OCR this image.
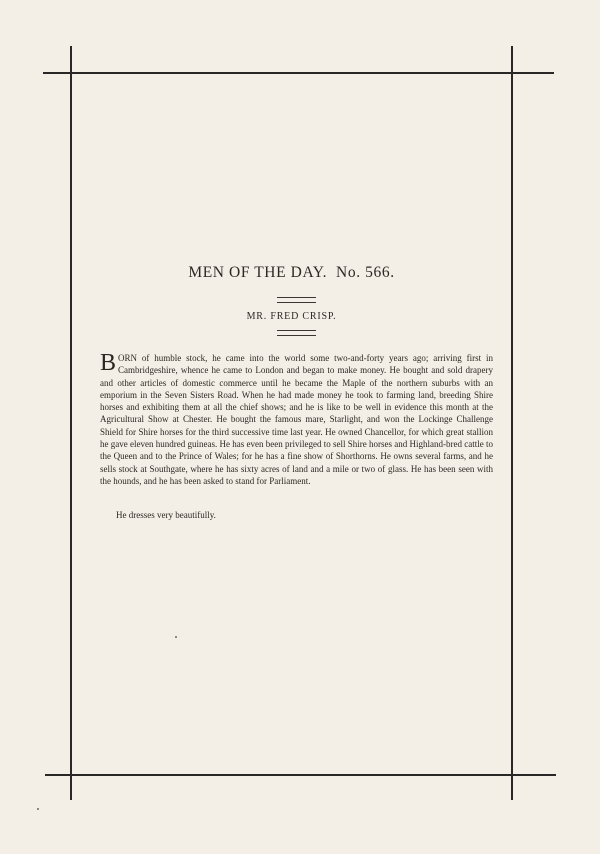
MEN OF THE DAY. No. 566.

MR. FRED CRISP.

BORN of humble stock, he came into the world some two-and-forty years ago; arriving first in Cambridgeshire, whence he came to London and began to make money. He bought and sold drapery and other articles of domestic commerce until he became the Maple of the northern suburbs with an emporium in the Seven Sisters Road. When he had made money he took to farming land, breeding Shire horses and exhibiting them at all the chief shows; and he is like to be well in evidence this month at the Agricultural Show at Chester. He bought the famous mare, Starlight, and won the Lockinge Challenge Shield for Shire horses for the third successive time last year. He owned Chancellor, for which great stallion he gave eleven hundred guineas. He has even been privileged to sell Shire horses and Highland-bred cattle to the Queen and to the Prince of Wales; for he has a fine show of Shorthorns. He owns several farms, and he sells stock at Southgate, where he has sixty acres of land and a mile or two of glass. He has been seen with the hounds, and he has been asked to stand for Parliament.

He dresses very beautifully.
